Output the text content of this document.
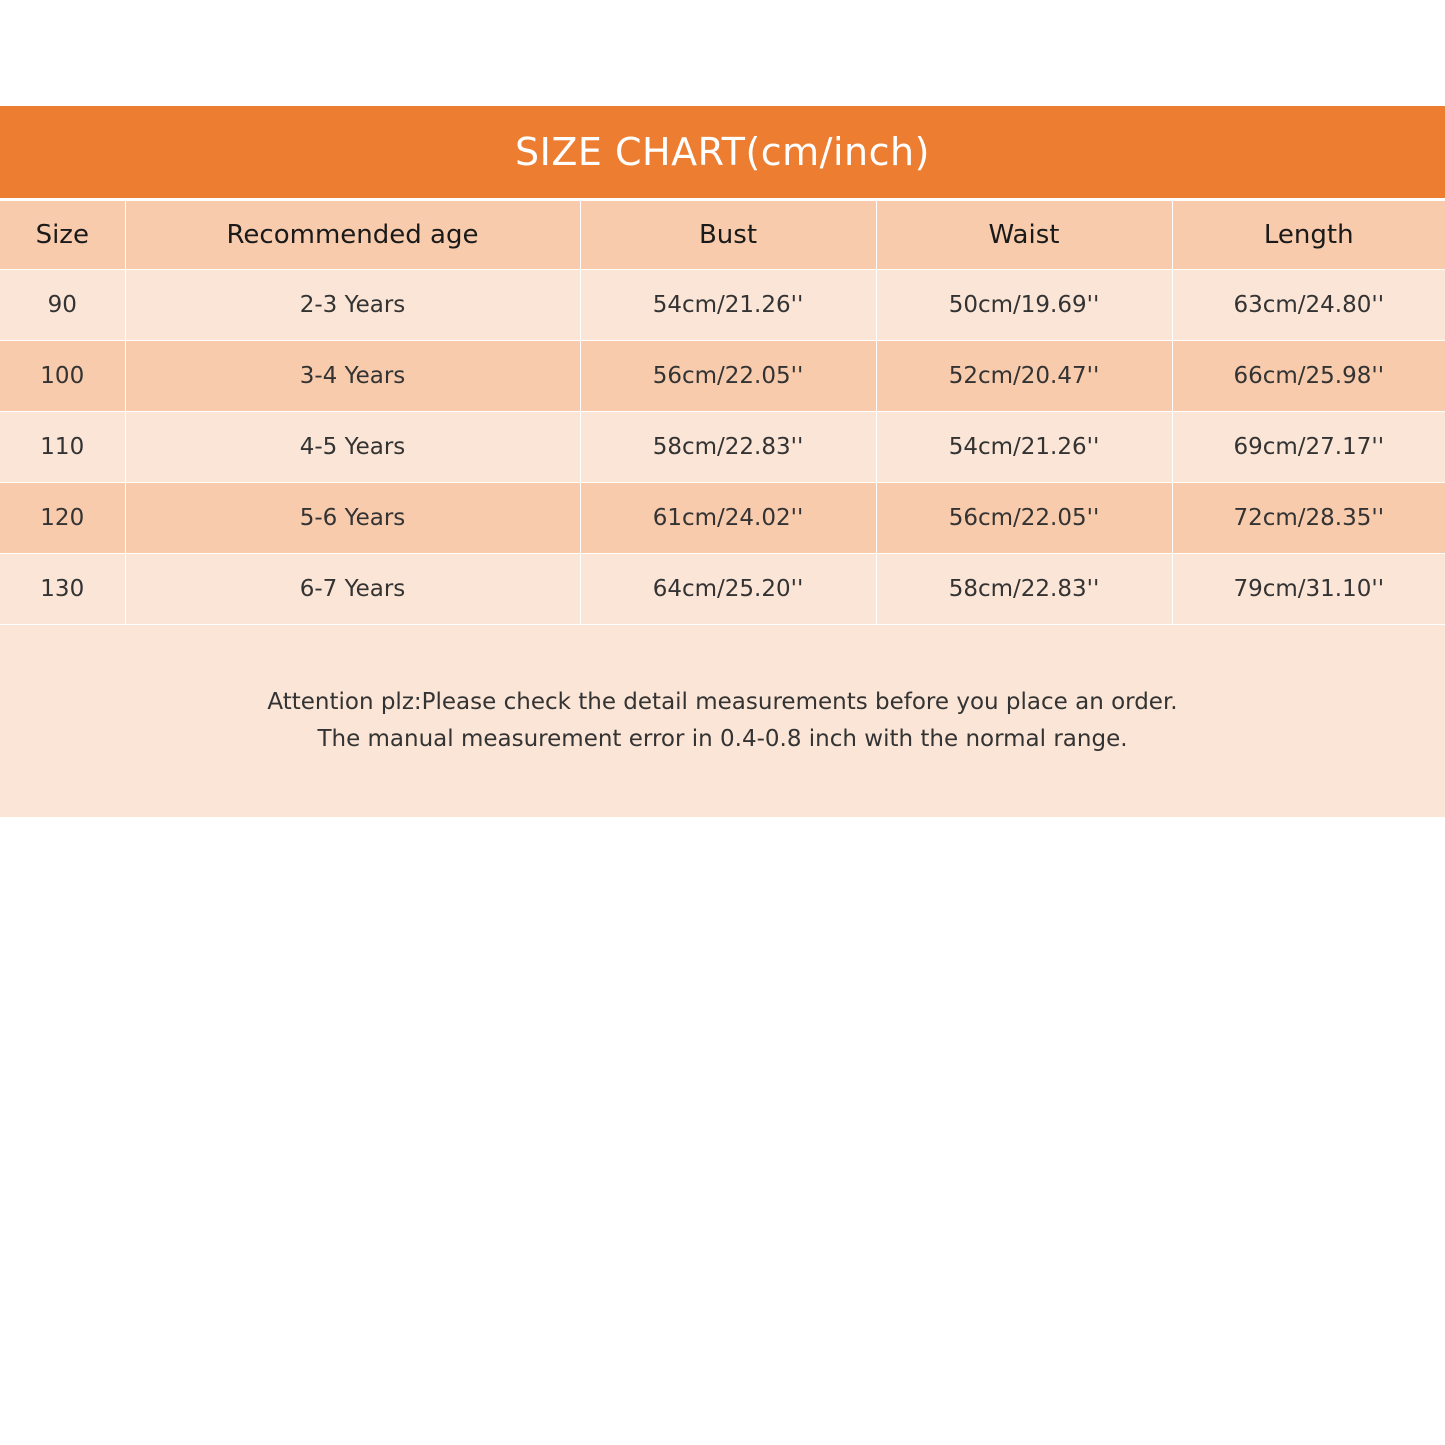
SIZE CHART(cm/inch)
Size	Recommended age	Bust	Waist	Length
90	2-3 Years	54cm/21.26''	50cm/19.69''	63cm/24.80''
100	3-4 Years	56cm/22.05''	52cm/20.47''	66cm/25.98''
110	4-5 Years	58cm/22.83''	54cm/21.26''	69cm/27.17''
120	5-6 Years	61cm/24.02''	56cm/22.05''	72cm/28.35''
130	6-7 Years	64cm/25.20''	58cm/22.83''	79cm/31.10''
Attention plz:Please check the detail measurements before you place an order.
The manual measurement error in 0.4-0.8 inch with the normal range.
